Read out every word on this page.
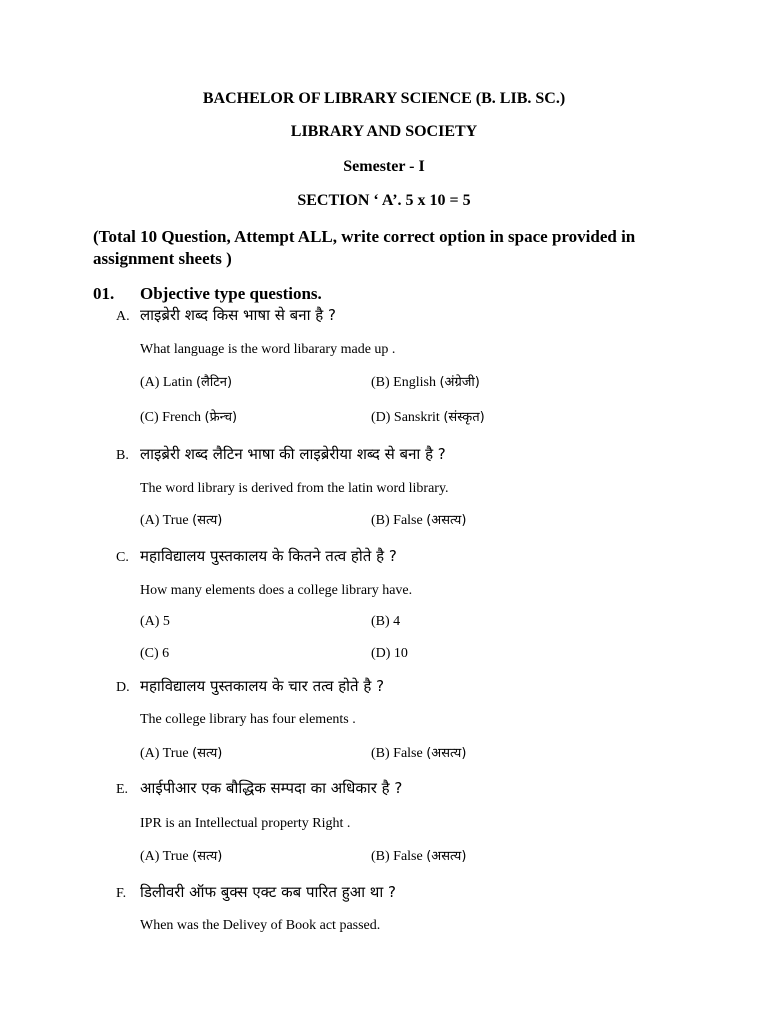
BACHELOR OF LIBRARY SCIENCE (B. LIB. SC.)
LIBRARY AND SOCIETY
Semester - I
SECTION ‘ A’. 5 x 10 = 5
(Total 10 Question, Attempt ALL, write correct option in space provided in assignment sheets )
01. Objective type questions.
A. लाइब्रेरी शब्द किस भाषा से बना है ?
What language is the word libarary made up .
(A) Latin (लैटिन)	(B) English (अंग्रेजी)
(C) French (फ्रेन्च)	(D) Sanskrit (संस्कृत)
B. लाइब्रेरी शब्द लैटिन भाषा की लाइब्रेरीया शब्द से बना है ?
The word library is derived from the latin word library.
(A) True (सत्य)	(B) False (असत्य)
C. महाविद्यालय पुस्तकालय के कितने तत्व होते है ?
How many elements does a college library have.
(A) 5	(B) 4
(C) 6	(D) 10
D. महाविद्यालय पुस्तकालय के चार तत्व होते है ?
The college library has four elements .
(A) True (सत्य)	(B) False (असत्य)
E. आईपीआर एक बौद्धिक सम्पदा का अधिकार है ?
IPR is an Intellectual property Right .
(A) True (सत्य)	(B) False (असत्य)
F. डिलीवरी ऑफ बुक्स एक्ट कब पारित हुआ था ?
When was the Delivey of Book act passed.
